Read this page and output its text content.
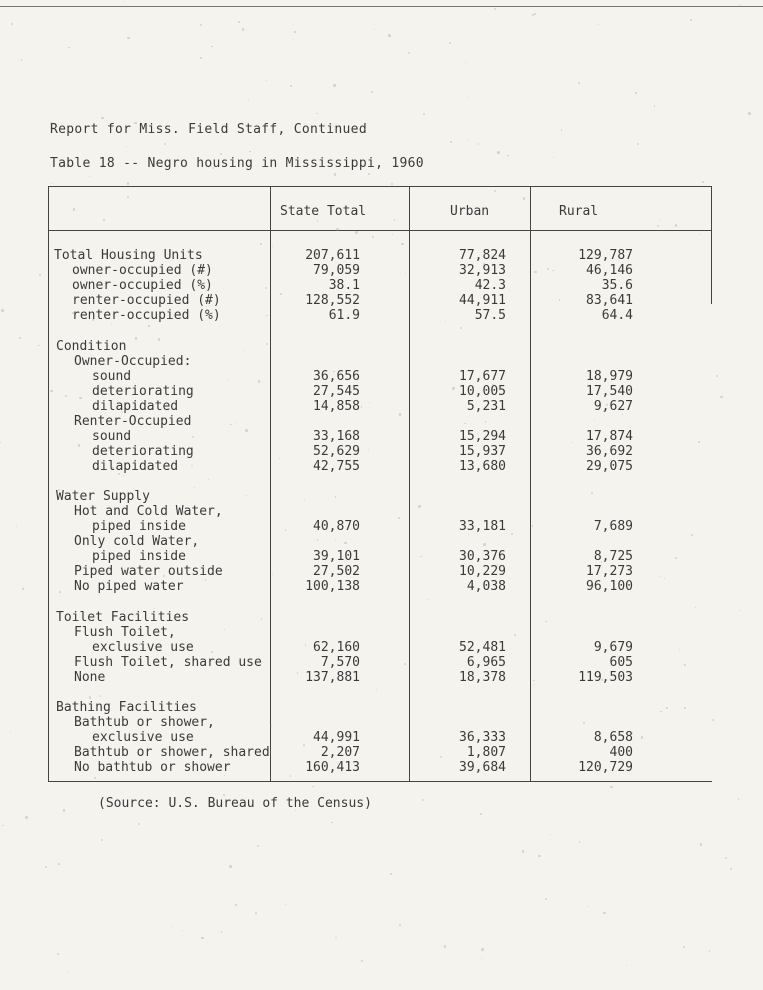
Report for Miss. Field Staff, Continued
Table 18 -- Negro housing in Mississippi, 1960
State Total	Urban	Rural
Total Housing Units	207,611	77,824	129,787
owner-occupied (#)	79,059	32,913	46,146
owner-occupied (%)	38.1	42.3	35.6
renter-occupied (#)	128,552	44,911	83,641
renter-occupied (%)	61.9	57.5	64.4
Condition
Owner-Occupied:
sound	36,656	17,677	18,979
deteriorating	27,545	10,005	17,540
dilapidated	14,858	5,231	9,627
Renter-Occupied
sound	33,168	15,294	17,874
deteriorating	52,629	15,937	36,692
dilapidated	42,755	13,680	29,075
Water Supply
Hot and Cold Water,
piped inside	40,870	33,181	7,689
Only cold Water,
piped inside	39,101	30,376	8,725
Piped water outside	27,502	10,229	17,273
No piped water	100,138	4,038	96,100
Toilet Facilities
Flush Toilet,
exclusive use	62,160	52,481	9,679
Flush Toilet, shared use	7,570	6,965	605
None	137,881	18,378	119,503
Bathing Facilities
Bathtub or shower,
exclusive use	44,991	36,333	8,658
Bathtub or shower, shared	2,207	1,807	400
No bathtub or shower	160,413	39,684	120,729
(Source: U.S. Bureau of the Census)
